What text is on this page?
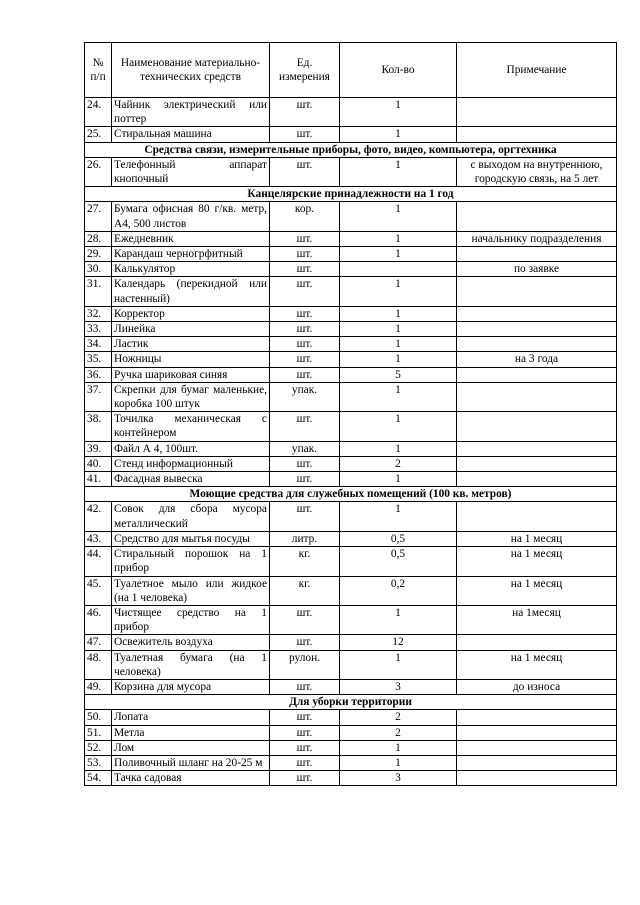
№ п/п	Наименование материально-технических средств	Ед. измерения	Кол-во	Примечание
24.	Чайник электрический или поттер	шт.	1	
25.	Стиральная машина	шт.	1	
Средства связи, измерительные приборы, фото, видео, компьютера, оргтехника				
26.	Телефонный аппарат кнопочный	шт.	1	с выходом на внутреннюю, городскую связь, на 5 лет
Канцелярские принадлежности на 1 год				
27.	Бумага офисная 80 г/кв. метр, А4, 500 листов	кор.	1	
28.	Ежедневник	шт.	1	начальнику подразделения
29.	Карандаш черногрфитный	шт.	1	
30.	Калькулятор	шт.		по заявке
31.	Календарь (перекидной или настенный)	шт.	1	
32.	Корректор	шт.	1	
33.	Линейка	шт.	1	
34.	Ластик	шт.	1	
35.	Ножницы	шт.	1	на 3 года
36.	Ручка шариковая синяя	шт.	5	
37.	Скрепки для бумаг маленькие, коробка 100 штук	упак.	1	
38.	Точилка механическая с контейнером	шт.	1	
39.	Файл А 4, 100шт.	упак.	1	
40.	Стенд информационный	шт.	2	
41.	Фасадная вывеска	шт.	1	
Моющие средства для служебных помещений (100 кв. метров)				
42.	Совок для сбора мусора металлический	шт.	1	
43.	Средство для мытья посуды	литр.	0,5	на 1 месяц
44.	Стиральный порошок на 1 прибор	кг.	0,5	на 1 месяц
45.	Туалетное мыло или жидкое (на 1 человека)	кг.	0,2	на 1 месяц
46.	Чистящее средство на 1 прибор	шт.	1	на 1месяц
47.	Освежитель воздуха	шт.	12	
48.	Туалетная бумага (на 1 человека)	рулон.	1	на 1 месяц
49.	Корзина для мусора	шт.	3	до износа
Для уборки территории				
50.	Лопата	шт.	2	
51.	Метла	шт.	2	
52.	Лом	шт.	1	
53.	Поливочный шланг на 20-25 м	шт.	1	
54.	Тачка садовая	шт.	3	
